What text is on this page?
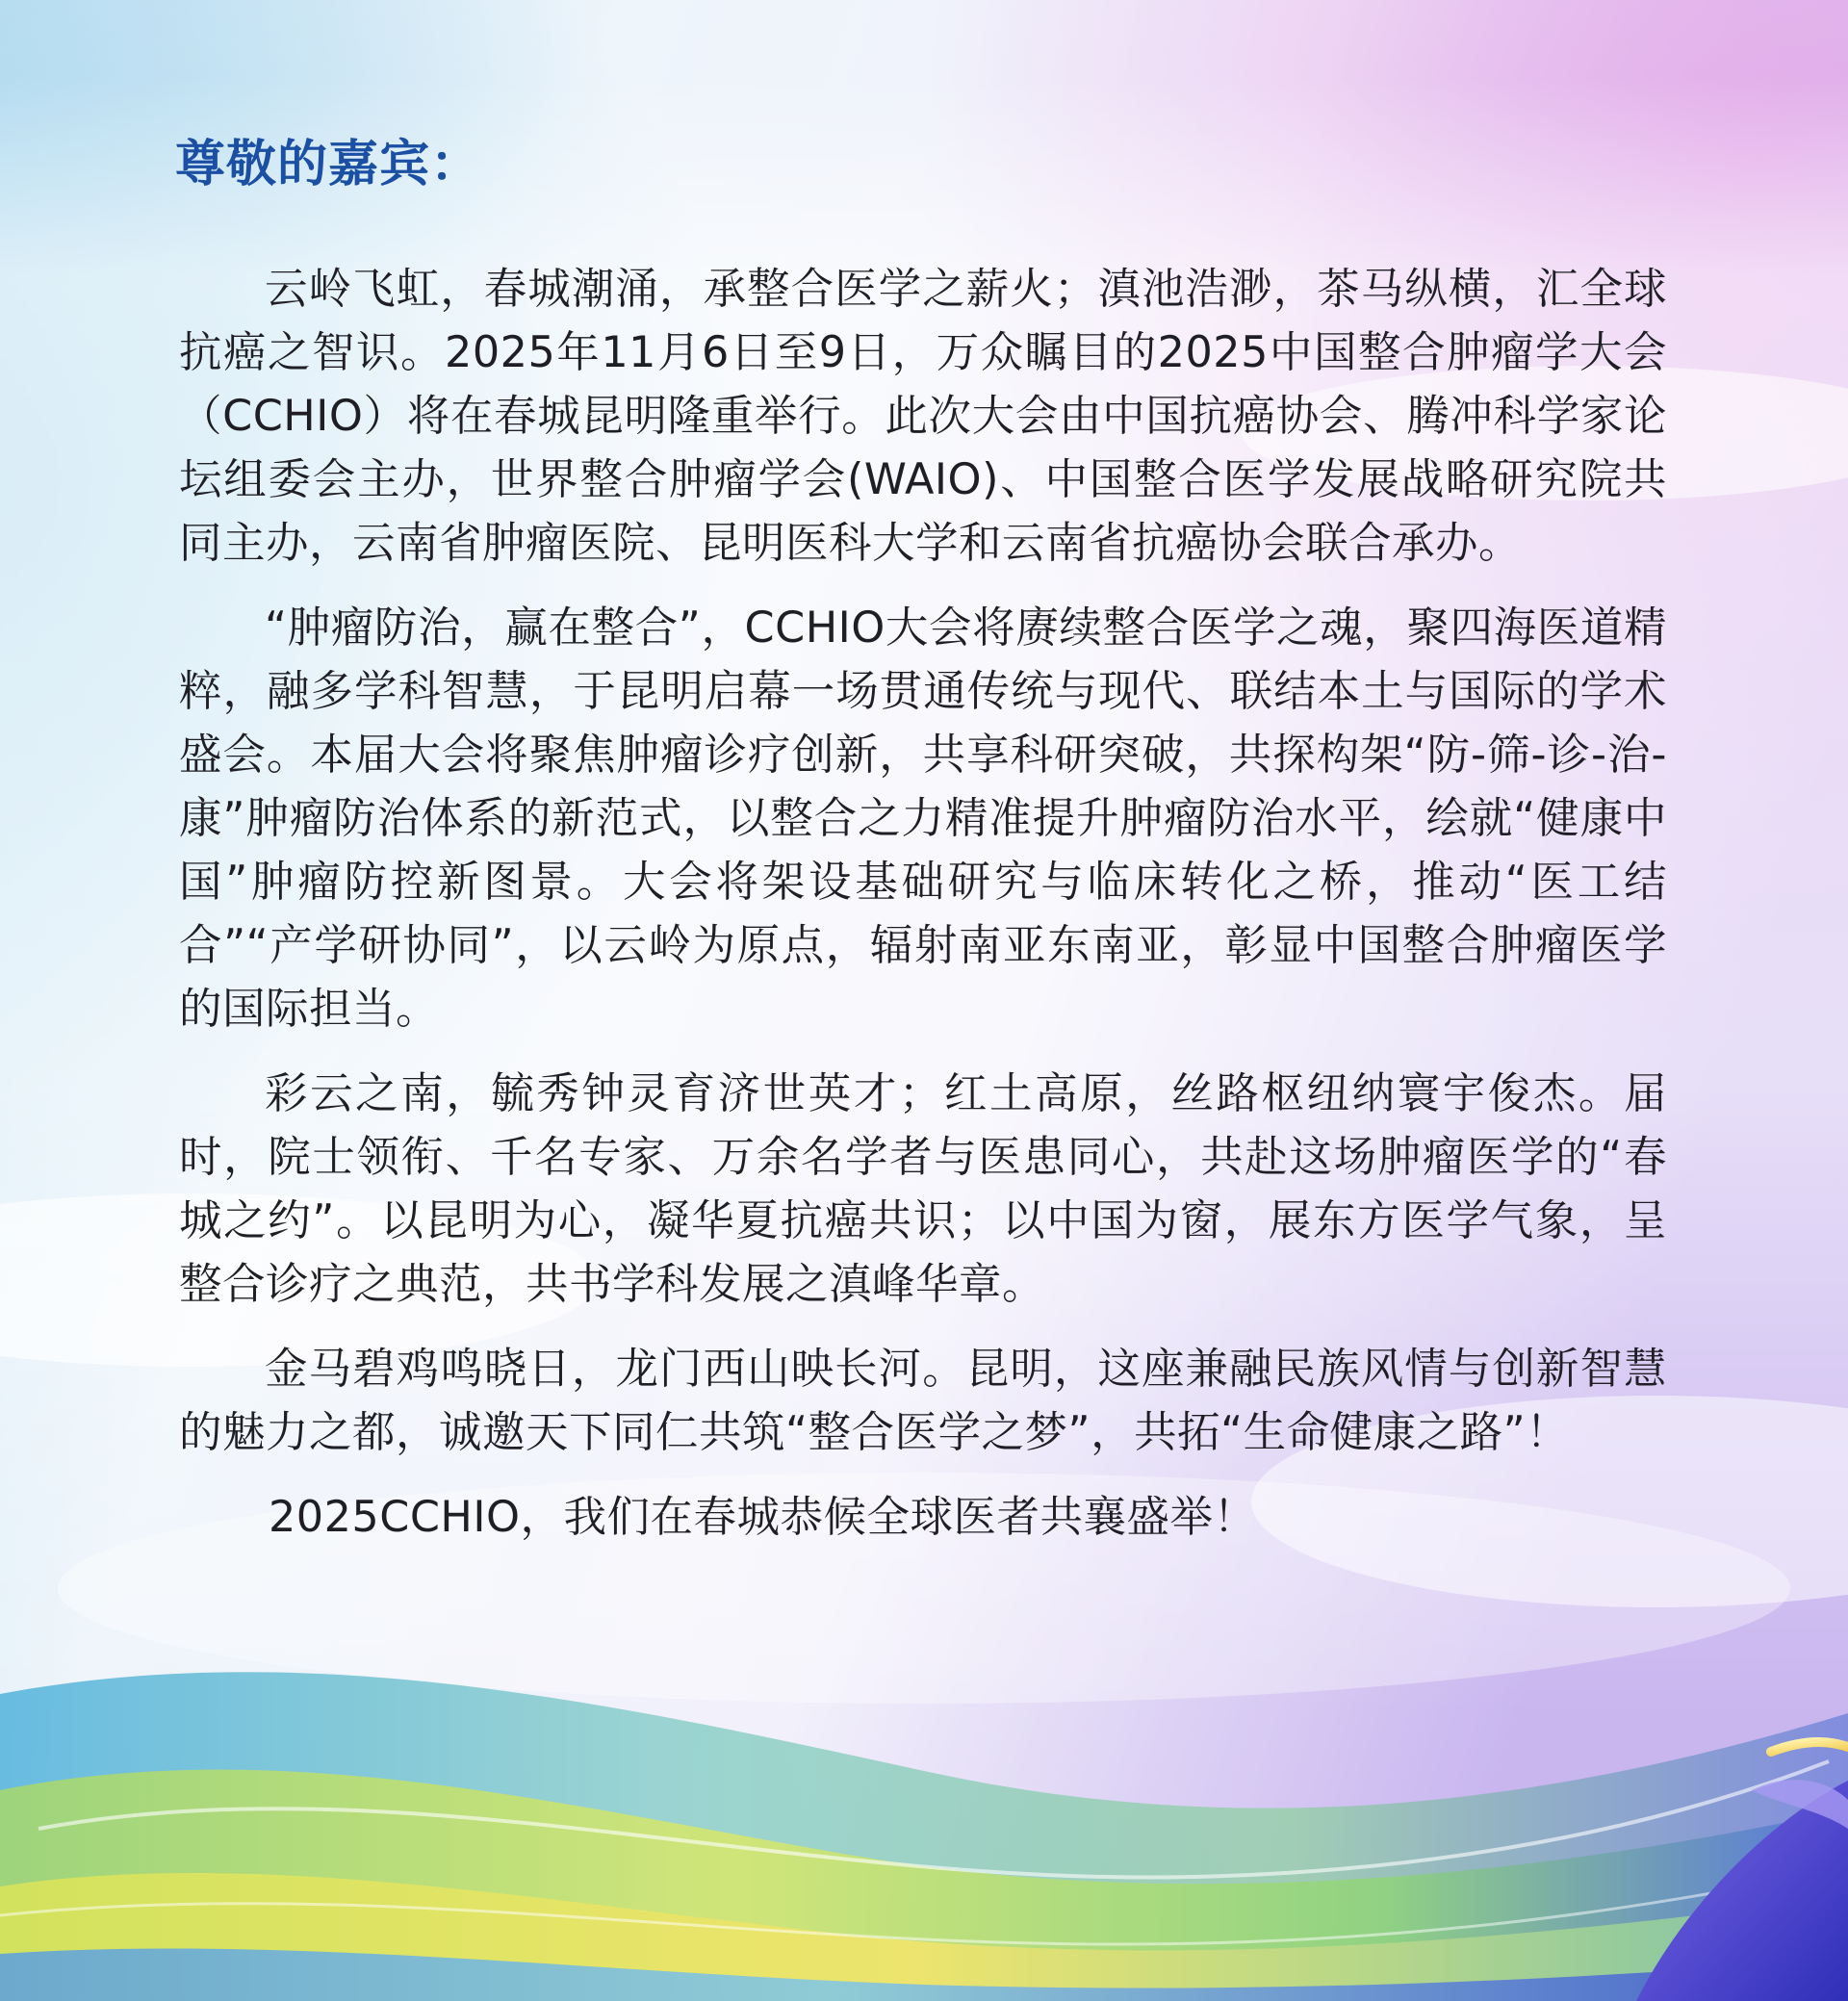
尊敬的嘉宾：

云岭飞虹，春城潮涌，承整合医学之薪火；滇池浩渺，茶马纵横，汇全球抗癌之智识。2025年11月6日至9日，万众瞩目的2025中国整合肿瘤学大会（CCHIO）将在春城昆明隆重举行。此次大会由中国抗癌协会、腾冲科学家论坛组委会主办，世界整合肿瘤学会(WAIO)、中国整合医学发展战略研究院共同主办，云南省肿瘤医院、昆明医科大学和云南省抗癌协会联合承办。

“肿瘤防治，赢在整合”，CCHIO大会将赓续整合医学之魂，聚四海医道精粹，融多学科智慧，于昆明启幕一场贯通传统与现代、联结本土与国际的学术盛会。本届大会将聚焦肿瘤诊疗创新，共享科研突破，共探构架“防-筛-诊-治-康”肿瘤防治体系的新范式，以整合之力精准提升肿瘤防治水平，绘就“健康中国”肿瘤防控新图景。大会将架设基础研究与临床转化之桥，推动“医工结合”“产学研协同”，以云岭为原点，辐射南亚东南亚，彰显中国整合肿瘤医学的国际担当。

彩云之南，毓秀钟灵育济世英才；红土高原，丝路枢纽纳寰宇俊杰。届时，院士领衔、千名专家、万余名学者与医患同心，共赴这场肿瘤医学的“春城之约”。以昆明为心，凝华夏抗癌共识；以中国为窗，展东方医学气象，呈整合诊疗之典范，共书学科发展之滇峰华章。

金马碧鸡鸣晓日，龙门西山映长河。昆明，这座兼融民族风情与创新智慧的魅力之都，诚邀天下同仁共筑“整合医学之梦”，共拓“生命健康之路”！

2025CCHIO，我们在春城恭候全球医者共襄盛举！
